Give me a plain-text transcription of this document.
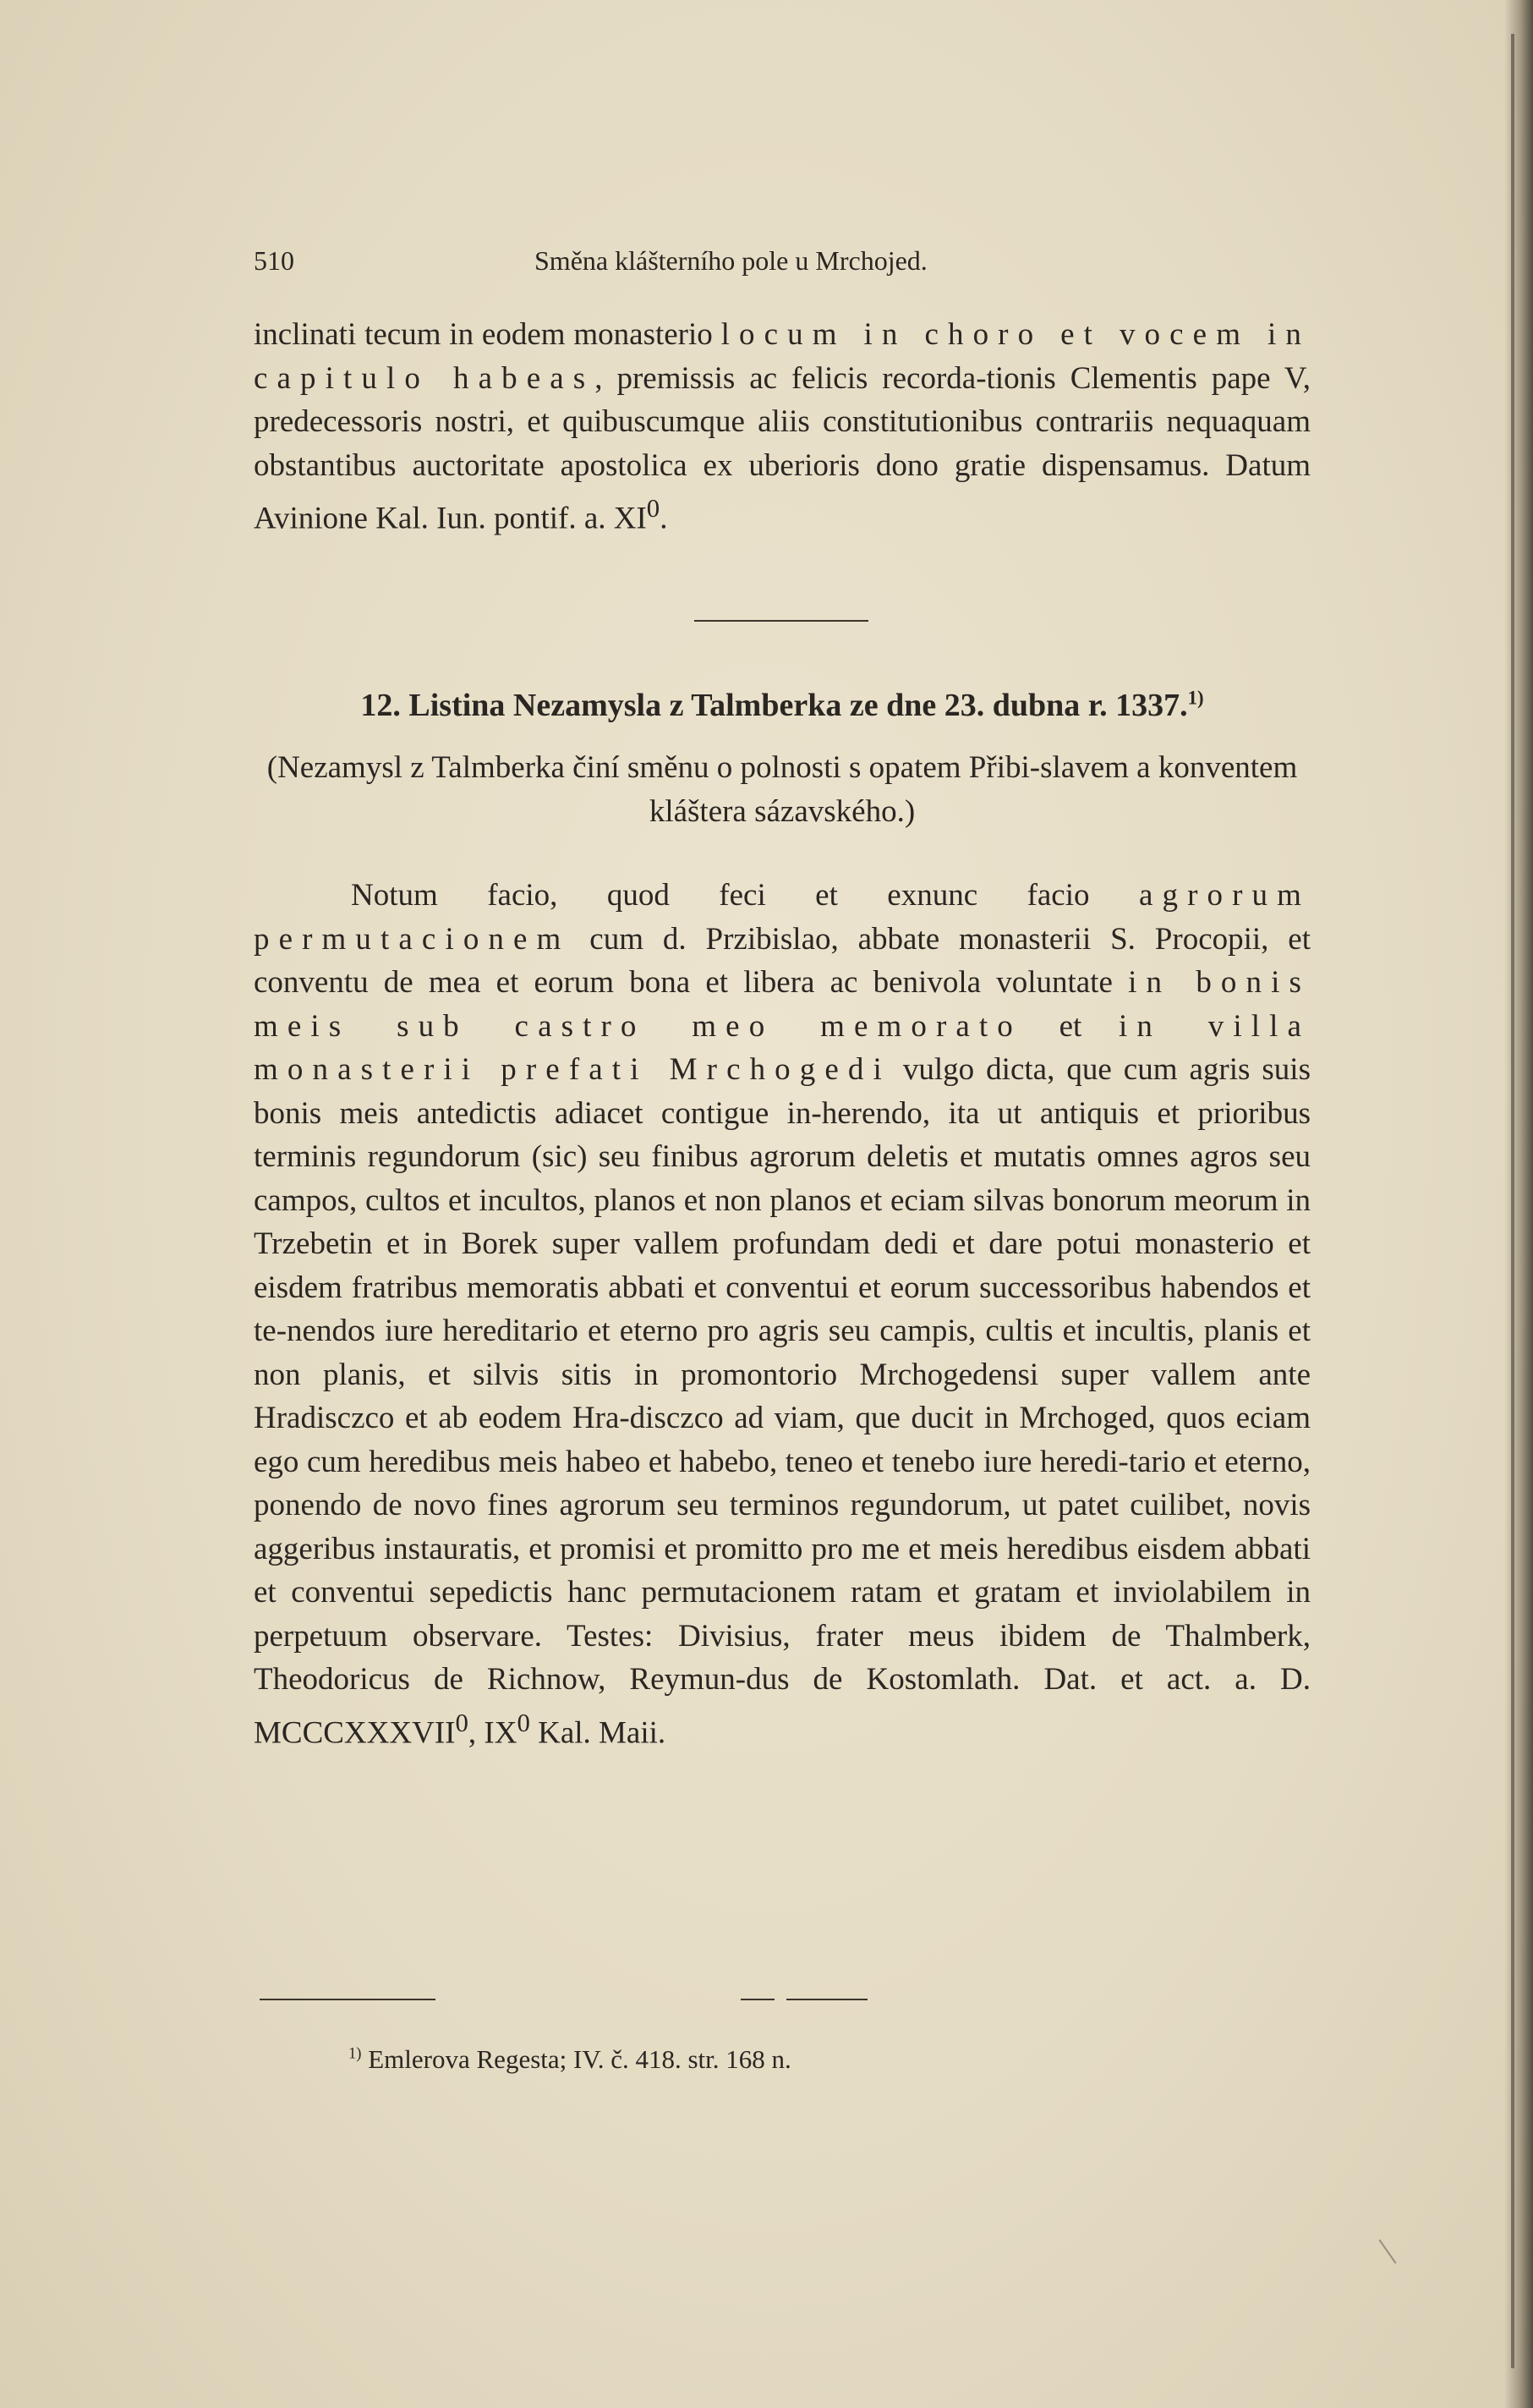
510	Směna klášterního pole u Mrchojed.
inclinati tecum in eodem monasterio locum in choro et vocem in capitulo habeas, premissis ac felicis recorda-tionis Clementis pape V, predecessoris nostri, et quibuscumque aliis constitutionibus contrariis nequaquam obstantibus auctoritate apostolica ex uberioris dono gratie dispensamus. Datum Avinione Kal. Iun. pontif. a. $XI^0$.
12. Listina Nezamysla z Talmberka ze dne 23. dubna r. 1337.$^{1)}$
(Nezamysl z Talmberka činí směnu o polnosti s opatem Přibi-slavem a konventem kláštera sázavského.)
Notum facio, quod feci et exnunc facio agrorum permutacionem cum d. Przibislao, abbate monasterii S. Procopii, et conventu de mea et eorum bona et libera ac benivola voluntate in bonis meis sub castro meo memorato et in villa monasterii prefati Mrchogedi vulgo dicta, que cum agris suis bonis meis antedictis adiacet contigue in-herendo, ita ut antiquis et prioribus terminis regundorum (sic) seu finibus agrorum deletis et mutatis omnes agros seu campos, cultos et incultos, planos et non planos et eciam silvas bonorum meorum in Trzebetin et in Borek super vallem profundam dedi et dare potui monasterio et eisdem fratribus memoratis abbati et conventui et eorum successoribus habendos et te-nendos iure hereditario et eterno pro agris seu campis, cultis et incultis, planis et non planis, et silvis sitis in promontorio Mrchogedensi super vallem ante Hradisczco et ab eodem Hra-disczco ad viam, que ducit in Mrchoged, quos eciam ego cum heredibus meis habeo et habebo, teneo et tenebo iure heredi-tario et eterno, ponendo de novo fines agrorum seu terminos regundorum, ut patet cuilibet, novis aggeribus instauratis, et promisi et promitto pro me et meis heredibus eisdem abbati et conventui sepedictis hanc permutacionem ratam et gratam et inviolabilem in perpetuum observare. Testes: Divisius, frater meus ibidem de Thalmberk, Theodoricus de Richnow, Reymun-dus de Kostomlath. Dat. et act. a. D. MCCCXXXVII$^0$, $IX^0$ Kal. Maii.
$^{1)}$ Emlerova Regesta; IV. č. 418. str. 168 n.
